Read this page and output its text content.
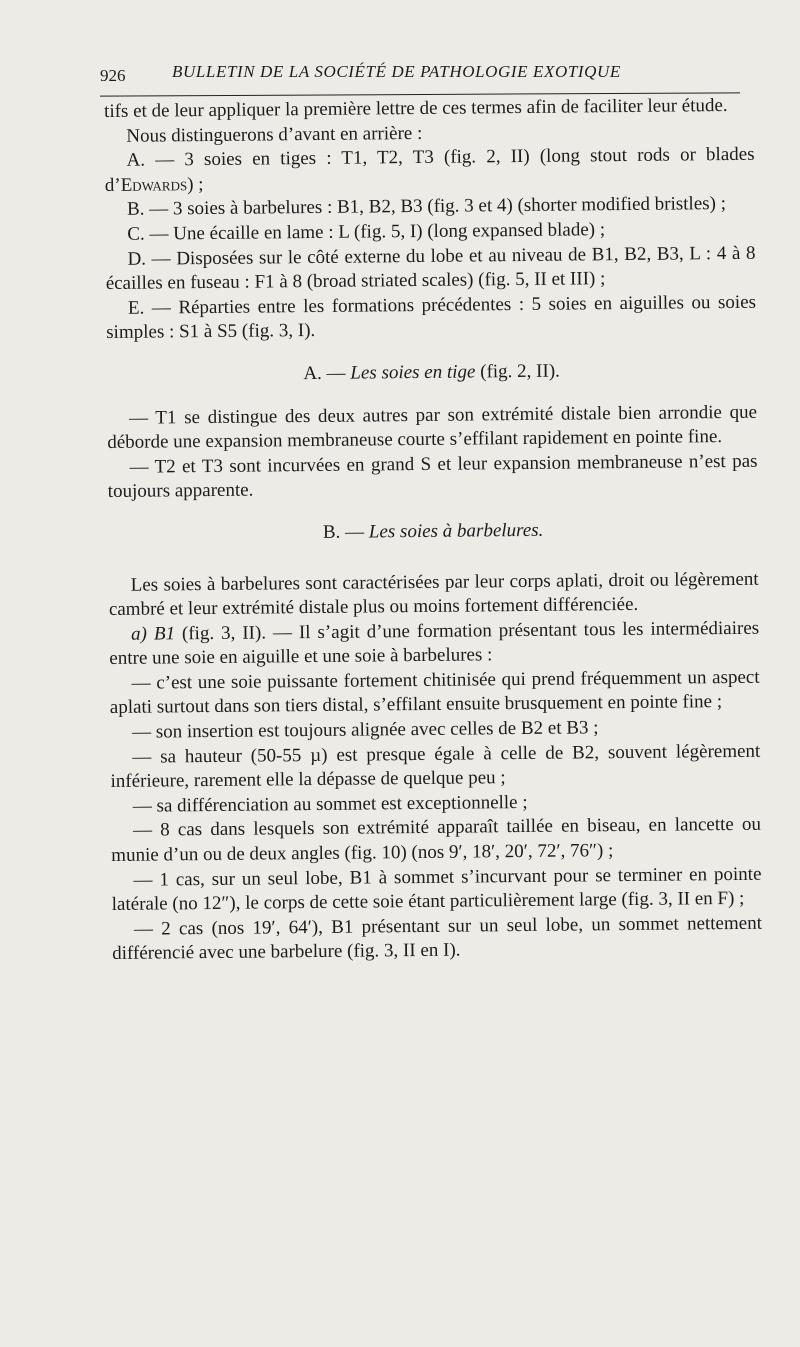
926	BULLETIN DE LA SOCIÉTÉ DE PATHOLOGIE EXOTIQUE

tifs et de leur appliquer la première lettre de ces termes afin de faciliter leur étude.

Nous distinguerons d’avant en arrière :

A. — 3 soies en tiges : T1, T2, T3 (fig. 2, II) (long stout rods or blades d’Edwards) ;

B. — 3 soies à barbelures : B1, B2, B3 (fig. 3 et 4) (shorter modified bristles) ;

C. — Une écaille en lame : L (fig. 5, I) (long expansed blade) ;

D. — Disposées sur le côté externe du lobe et au niveau de B1, B2, B3, L : 4 à 8 écailles en fuseau : F1 à 8 (broad striated scales) (fig. 5, II et III) ;

E. — Réparties entre les formations précédentes : 5 soies en aiguilles ou soies simples : S1 à S5 (fig. 3, I).

A. — Les soies en tige (fig. 2, II).

— T1 se distingue des deux autres par son extrémité distale bien arrondie que déborde une expansion membraneuse courte s’effilant rapidement en pointe fine.

— T2 et T3 sont incurvées en grand S et leur expansion membraneuse n’est pas toujours apparente.

B. — Les soies à barbelures.

Les soies à barbelures sont caractérisées par leur corps aplati, droit ou légèrement cambré et leur extrémité distale plus ou moins fortement différenciée.

a) B1 (fig. 3, II). — Il s’agit d’une formation présentant tous les intermédiaires entre une soie en aiguille et une soie à barbelures :

— c’est une soie puissante fortement chitinisée qui prend fréquemment un aspect aplati surtout dans son tiers distal, s’effilant ensuite brusquement en pointe fine ;

— son insertion est toujours alignée avec celles de B2 et B3 ;

— sa hauteur (50-55 µ) est presque égale à celle de B2, souvent légèrement inférieure, rarement elle la dépasse de quelque peu ;

— sa différenciation au sommet est exceptionnelle ;

— 8 cas dans lesquels son extrémité apparaît taillée en biseau, en lancette ou munie d’un ou de deux angles (fig. 10) (nos 9′, 18′, 20′, 72′, 76″) ;

— 1 cas, sur un seul lobe, B1 à sommet s’incurvant pour se terminer en pointe latérale (no 12″), le corps de cette soie étant particulièrement large (fig. 3, II en F) ;

— 2 cas (nos 19′, 64′), B1 présentant sur un seul lobe, un sommet nettement différencié avec une barbelure (fig. 3, II en I).
